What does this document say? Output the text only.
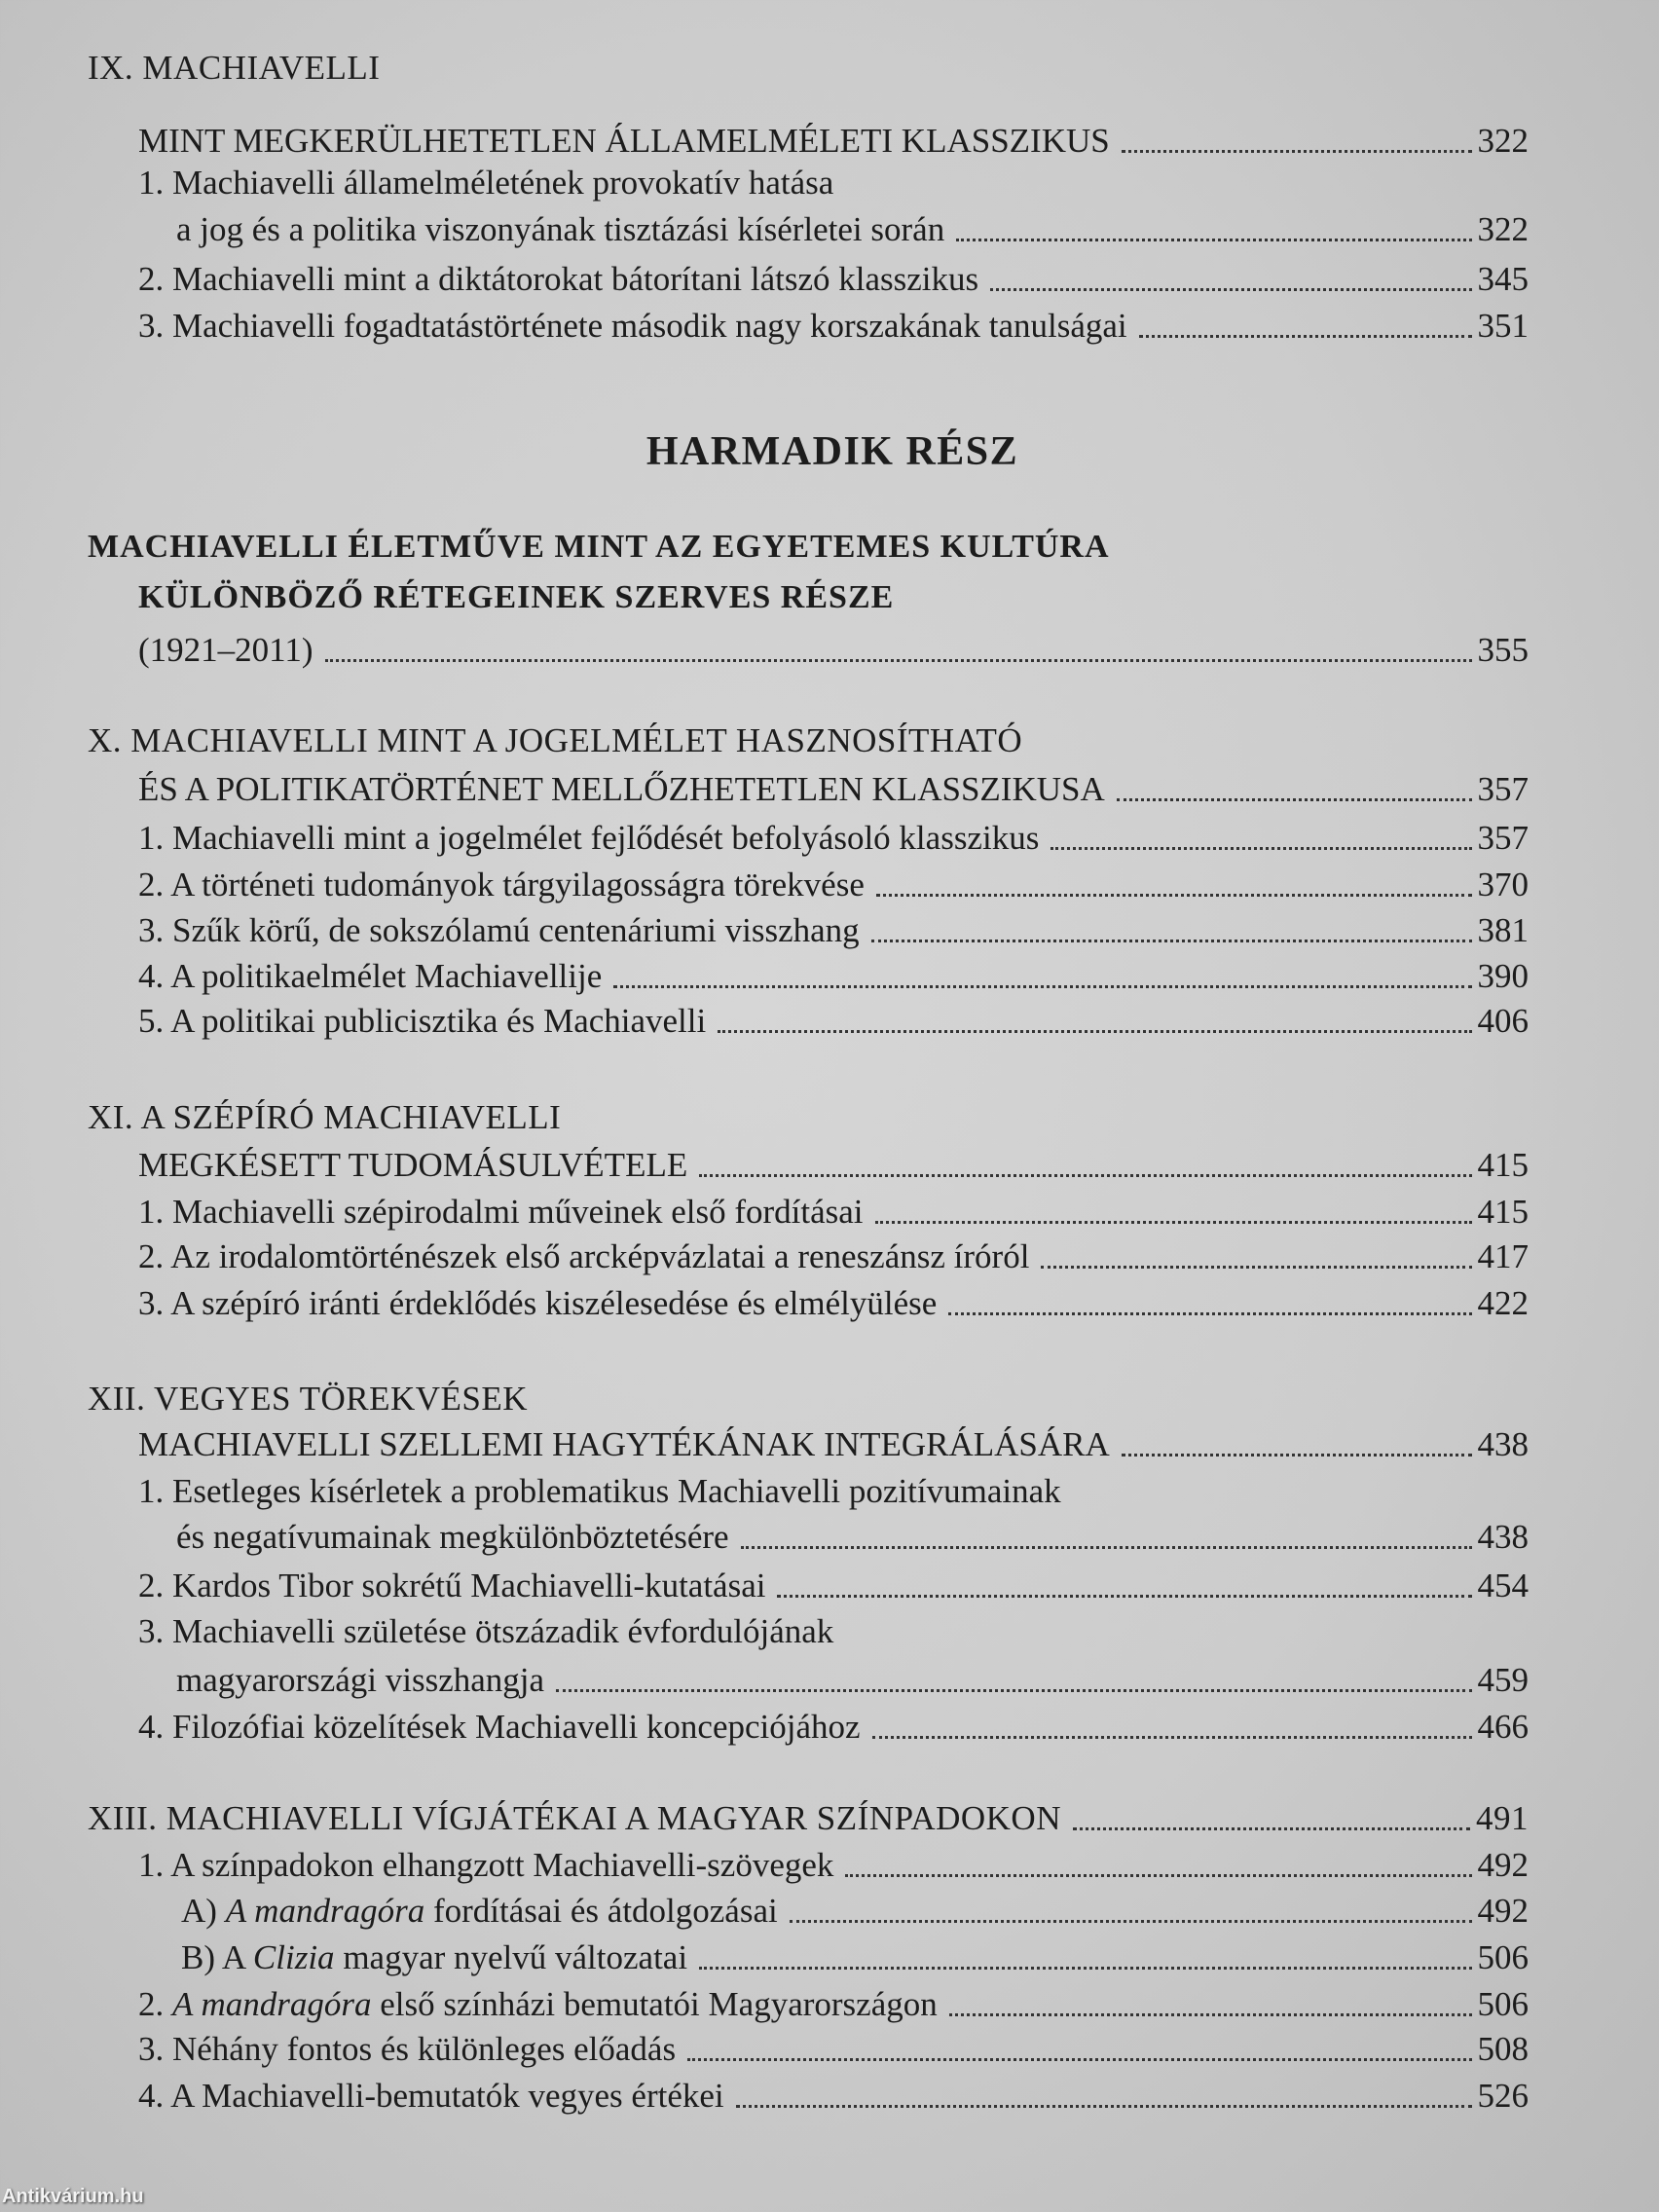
IX. MACHIAVELLI
MINT MEGKERÜLHETETLEN ÁLLAMELMÉLETI KLASSZIKUS	322
1. Machiavelli államelméletének provokatív hatása
a jog és a politika viszonyának tisztázási kísérletei során	322
2. Machiavelli mint a diktátorokat bátorítani látszó klasszikus	345
3. Machiavelli fogadtatástörténete második nagy korszakának tanulságai	351
HARMADIK RÉSZ
MACHIAVELLI ÉLETMŰVE MINT AZ EGYETEMES KULTÚRA
KÜLÖNBÖZŐ RÉTEGEINEK SZERVES RÉSZE
(1921–2011)	355
X. MACHIAVELLI MINT A JOGELMÉLET HASZNOSÍTHATÓ
ÉS A POLITIKATÖRTÉNET MELLŐZHETETLEN KLASSZIKUSA	357
1. Machiavelli mint a jogelmélet fejlődését befolyásoló klasszikus	357
2. A történeti tudományok tárgyilagosságra törekvése	370
3. Szűk körű, de sokszólamú centenáriumi visszhang	381
4. A politikaelmélet Machiavellije	390
5. A politikai publicisztika és Machiavelli	406
XI. A SZÉPÍRÓ MACHIAVELLI
MEGKÉSETT TUDOMÁSULVÉTELE	415
1. Machiavelli szépirodalmi műveinek első fordításai	415
2. Az irodalomtörténészek első arcképvázlatai a reneszánsz íróról	417
3. A szépíró iránti érdeklődés kiszélesedése és elmélyülése	422
XII. VEGYES TÖREKVÉSEK
MACHIAVELLI SZELLEMI HAGYTÉKÁNAK INTEGRÁLÁSÁRA	438
1. Esetleges kísérletek a problematikus Machiavelli pozitívumainak
és negatívumainak megkülönböztetésére	438
2. Kardos Tibor sokrétű Machiavelli-kutatásai	454
3. Machiavelli születése ötszázadik évfordulójának
magyarországi visszhangja	459
4. Filozófiai közelítések Machiavelli koncepciójához	466
XIII. MACHIAVELLI VÍGJÁTÉKAI A MAGYAR SZÍNPADOKON	491
1. A színpadokon elhangzott Machiavelli-szövegek	492
A) A mandragóra fordításai és átdolgozásai	492
B) A Clizia magyar nyelvű változatai	506
2. A mandragóra első színházi bemutatói Magyarországon	506
3. Néhány fontos és különleges előadás	508
4. A Machiavelli-bemutatók vegyes értékei	526
Antikvárium.hu
